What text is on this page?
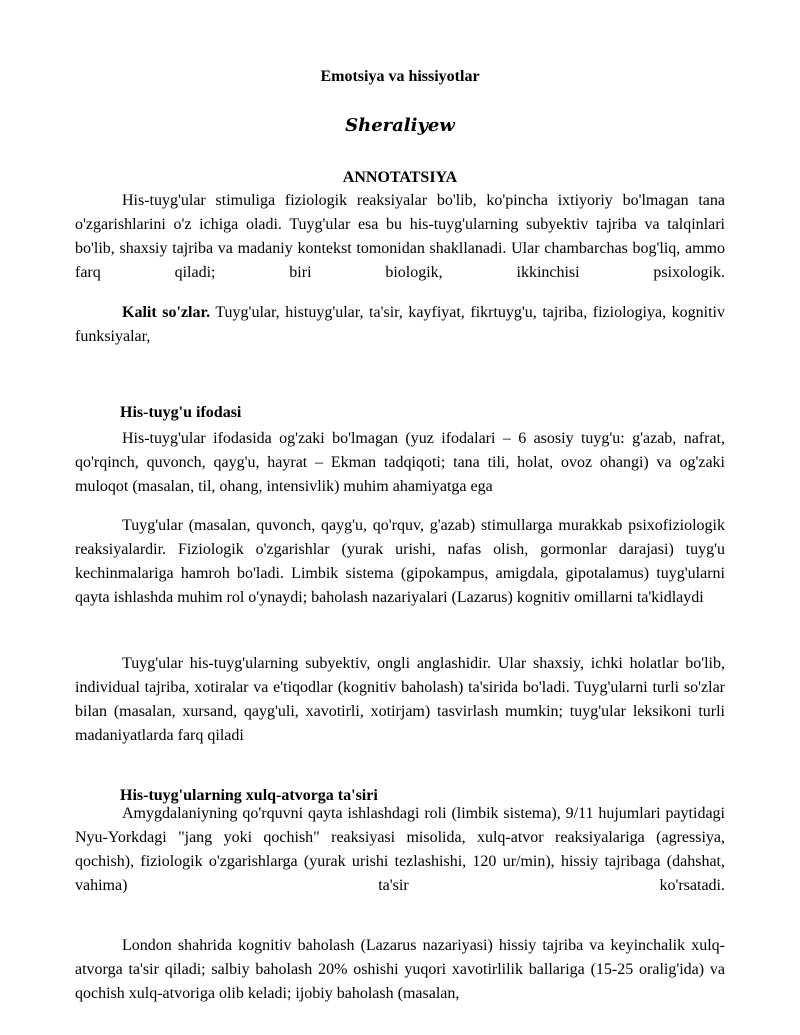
Emotsiya va hissiyotlar
Sheraliyew
ANNOTATSIYA

His-tuyg'ular stimuliga fiziologik reaksiyalar bo'lib, ko'pincha ixtiyoriy bo'lmagan tana o'zgarishlarini o'z ichiga oladi. Tuyg'ular esa bu his-tuyg'ularning subyektiv tajriba va talqinlari bo'lib, shaxsiy tajriba va madaniy kontekst tomonidan shakllanadi. Ular chambarchas bog'liq, ammo farq qiladi; biri biologik, ikkinchisi psixologik.

Kalit so'zlar. Tuyg'ular, histuyg'ular, ta'sir, kayfiyat, fikrtuyg'u, tajriba, fiziologiya, kognitiv funksiyalar,

His-tuyg'u ifodasi

His-tuyg'ular ifodasida og'zaki bo'lmagan (yuz ifodalari – 6 asosiy tuyg'u: g'azab, nafrat, qo'rqinch, quvonch, qayg'u, hayrat – Ekman tadqiqoti; tana tili, holat, ovoz ohangi) va og'zaki muloqot (masalan, til, ohang, intensivlik) muhim ahamiyatga ega

Tuyg'ular (masalan, quvonch, qayg'u, qo'rquv, g'azab) stimullarga murakkab psixofiziologik reaksiyalardir. Fiziologik o'zgarishlar (yurak urishi, nafas olish, gormonlar darajasi) tuyg'u kechinmalariga hamroh bo'ladi. Limbik sistema (gipokampus, amigdala, gipotalamus) tuyg'ularni qayta ishlashda muhim rol o'ynaydi; baholash nazariyalari (Lazarus) kognitiv omillarni ta'kidlaydi

Tuyg'ular his-tuyg'ularning subyektiv, ongli anglashidir. Ular shaxsiy, ichki holatlar bo'lib, individual tajriba, xotiralar va e'tiqodlar (kognitiv baholash) ta'sirida bo'ladi. Tuyg'ularni turli so'zlar bilan (masalan, xursand, qayg'uli, xavotirli, xotirjam) tasvirlash mumkin; tuyg'ular leksikoni turli madaniyatlarda farq qiladi

His-tuyg'ularning xulq-atvorga ta'siri

Amygdalaniyning qo'rquvni qayta ishlashdagi roli (limbik sistema), 9/11 hujumlari paytidagi Nyu-Yorkdagi "jang yoki qochish" reaksiyasi misolida, xulq-atvor reaksiyalariga (agressiya, qochish), fiziologik o'zgarishlarga (yurak urishi tezlashishi, 120 ur/min), hissiy tajribaga (dahshat, vahima) ta'sir ko'rsatadi.

London shahrida kognitiv baholash (Lazarus nazariyasi) hissiy tajriba va keyinchalik xulq-atvorga ta'sir qiladi; salbiy baholash 20% oshishi yuqori xavotirlilik ballariga (15-25 oralig'ida) va qochish xulq-atvoriga olib keladi; ijobiy baholash (masalan,
